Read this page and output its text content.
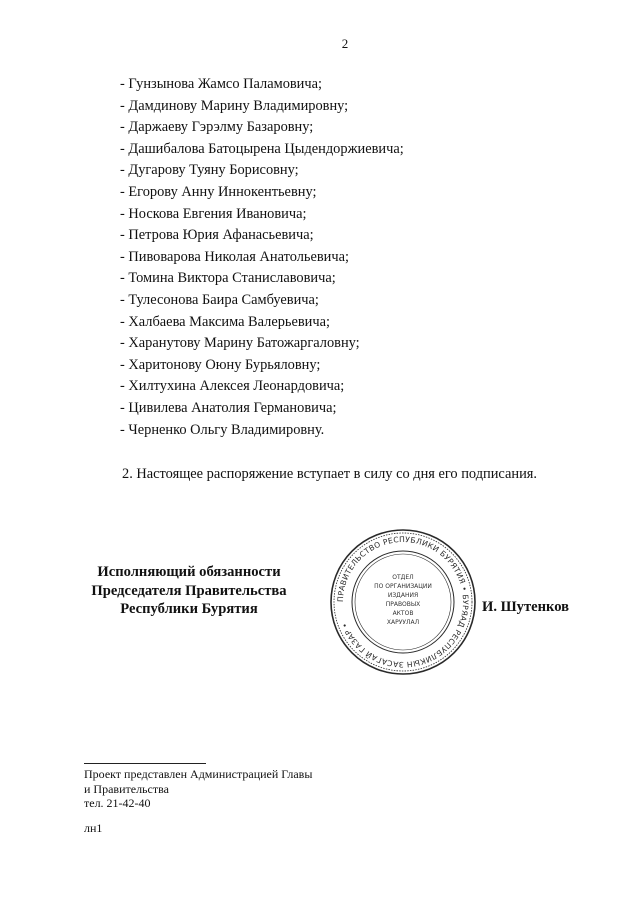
2
- Гунзынова Жамсо Паламовича;
- Дамдинову Марину Владимировну;
- Даржаеву Гэрэлму Базаровну;
- Дашибалова Батоцырена Цыдендоржиевича;
- Дугарову Туяну Борисовну;
- Егорову Анну Иннокентьевну;
- Носкова Евгения Ивановича;
- Петрова Юрия Афанасьевича;
- Пивоварова Николая Анатольевича;
- Томина Виктора Станиславовича;
- Тулесонова Баира Самбуевича;
- Халбаева Максима Валерьевича;
- Харанутову Марину Батожаргаловну;
- Харитонову Оюну Бурьяловну;
- Хилтухина Алексея Леонардовича;
- Цивилева Анатолия Германовича;
- Черненко Ольгу Владимировну.
2. Настоящее распоряжение вступает в силу со дня его подписания.
Исполняющий обязанности
Председателя Правительства
Республики Бурятия
ПРАВИТЕЛЬСТВО РЕСПУБЛИКИ БУРЯТИЯ • БУРЯАД РЕСПУБЛИКЫН ЗАСАГАЙ ГАЗАР •
ОТДЕЛ
ПО ОРГАНИЗАЦИИ
ИЗДАНИЯ
ПРАВОВЫХ
АКТОВ
ХАРУУЛАЛ
И. Шутенков
Проект представлен Администрацией Главы
и Правительства
тел. 21-42-40
лн1
